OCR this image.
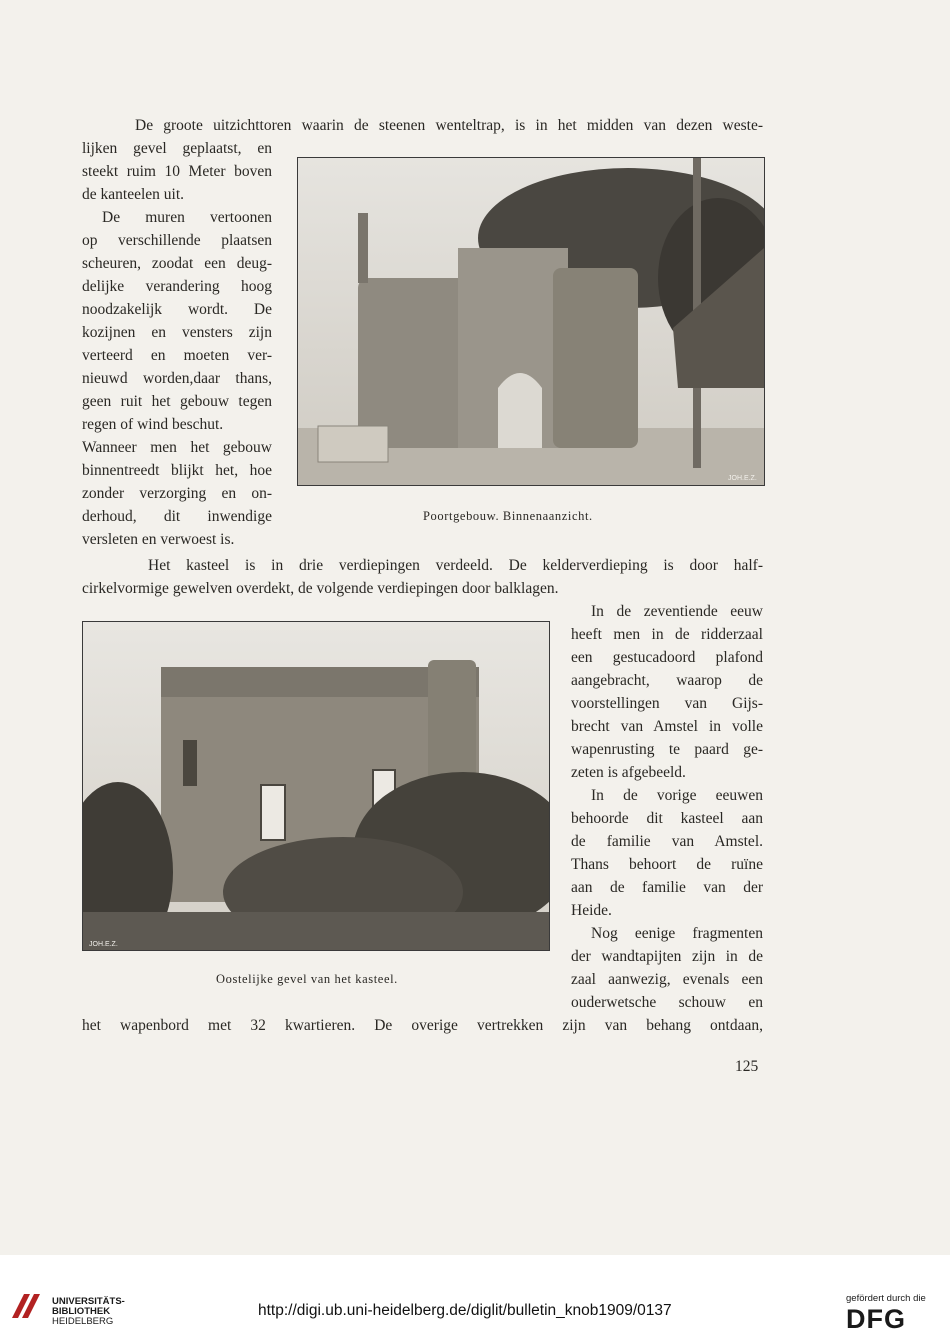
De groote uitzichttoren waarin de steenen wenteltrap, is in het midden van dezen weste-
lijken gevel geplaatst, en
steekt ruim 10 Meter boven
de kanteelen uit.
De muren vertoonen
op verschillende plaatsen
scheuren, zoodat een deug-
delijke verandering hoog
noodzakelijk wordt. De
kozijnen en vensters zijn
verteerd en moeten ver-
nieuwd worden,daar thans,
geen ruit het gebouw tegen
regen of wind beschut.
Wanneer men het gebouw
binnentreedt blijkt het, hoe
zonder verzorging en on-
derhoud, dit inwendige
versleten en verwoest is.
JOH.E.Z.
Poortgebouw. Binnenaanzicht.
Het kasteel is in drie verdiepingen verdeeld. De kelderverdieping is door half-
cirkelvormige gewelven overdekt, de volgende verdiepingen door balklagen.
In de zeventiende eeuw
heeft men in de ridderzaal
een gestucadoord plafond
aangebracht, waarop de
voorstellingen van Gijs-
brecht van Amstel in volle
wapenrusting te paard ge-
zeten is afgebeeld.
In de vorige eeuwen
behoorde dit kasteel aan
de familie van Amstel.
Thans behoort de ruïne
aan de familie van der
Heide.
Nog eenige fragmenten
der wandtapijten zijn in de
zaal aanwezig, evenals een
ouderwetsche schouw en
JOH.E.Z.
Oostelijke gevel van het kasteel.
het wapenbord met 32 kwartieren. De overige vertrekken zijn van behang ontdaan,
125
UNIVERSITÄTS-
BIBLIOTHEK
HEIDELBERG
http://digi.ub.uni-heidelberg.de/diglit/bulletin_knob1909/0137
gefördert durch die
DFG
